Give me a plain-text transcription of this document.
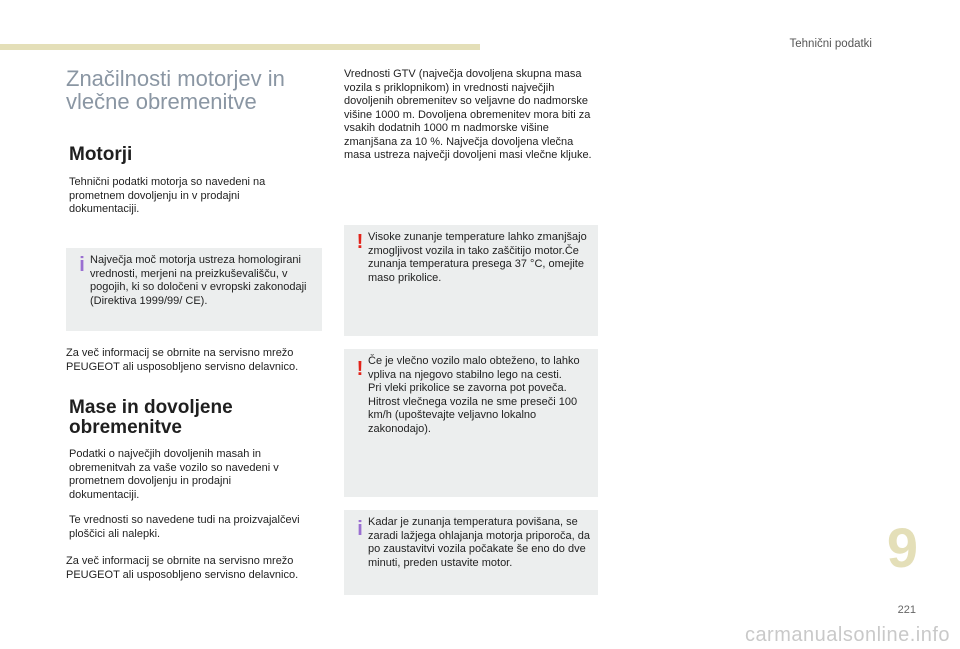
Tehnični podatki
Značilnosti motorjev in
vlečne obremenitve
Motorji

Tehnični podatki motorja so navedeni na prometnem dovoljenju in v prodajni dokumentaciji.

i Največja moč motorja ustreza homologirani vrednosti, merjeni na preizkuševališču, v pogojih, ki so določeni v evropski zakonodaji (Direktiva 1999/99/ CE).

Za več informacij se obrnite na servisno mrežo PEUGEOT ali usposobljeno servisno delavnico.

Mase in dovoljene
obremenitve

Podatki o največjih dovoljenih masah in obremenitvah za vaše vozilo so navedeni v prometnem dovoljenju in prodajni dokumentaciji.

Te vrednosti so navedene tudi na proizvajalčevi ploščici ali nalepki.

Za več informacij se obrnite na servisno mrežo PEUGEOT ali usposobljeno servisno delavnico.

Vrednosti GTV (največja dovoljena skupna masa vozila s priklopnikom) in vrednosti največjih dovoljenih obremenitev so veljavne do nadmorske višine 1000 m. Dovoljena obremenitev mora biti za vsakih dodatnih 1000 m nadmorske višine zmanjšana za 10 %. Največja dovoljena vlečna masa ustreza največji dovoljeni masi vlečne kljuke.

! Visoke zunanje temperature lahko zmanjšajo zmogljivost vozila in tako zaščitijo motor.Če zunanja temperatura presega 37 °C, omejite maso prikolice.

! Če je vlečno vozilo malo obteženo, to lahko vpliva na njegovo stabilno lego na cesti.
Pri vleki prikolice se zavorna pot poveča. Hitrost vlečnega vozila ne sme preseči 100 km/h (upoštevajte veljavno lokalno zakonodajo).

i Kadar je zunanja temperatura povišana, se zaradi lažjega ohlajanja motorja priporoča, da po zaustavitvi vozila počakate še eno do dve minuti, preden ustavite motor.	9
221
carmanualsonline.info
